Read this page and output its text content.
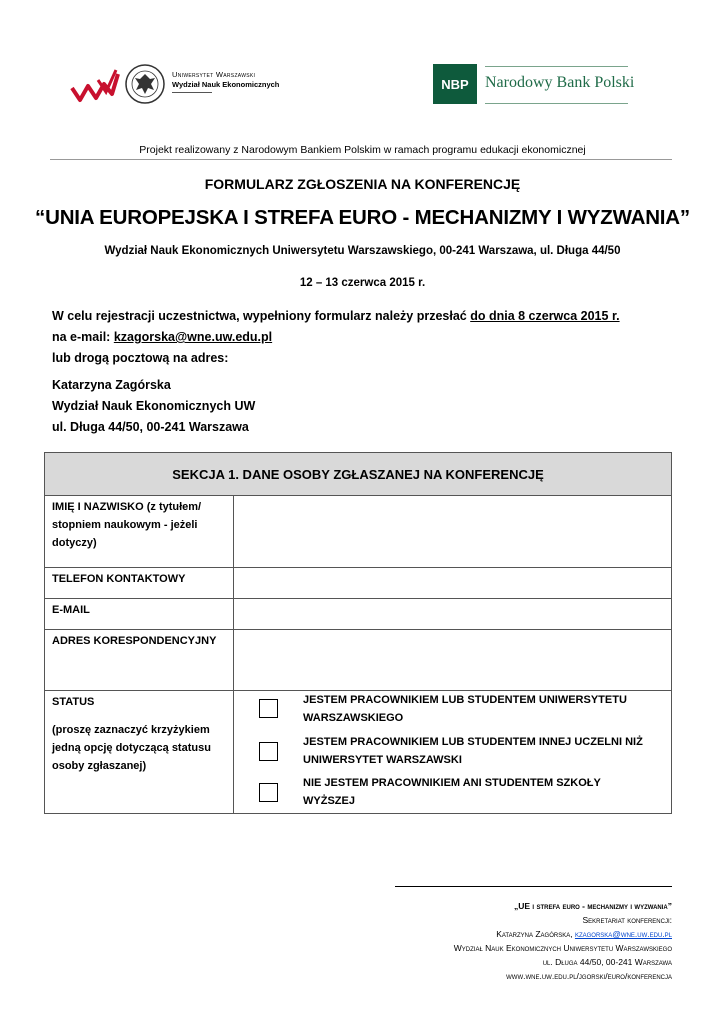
Uniwersytet Warszawski
Wydział Nauk Ekonomicznych	NBP	Narodowy Bank Polski
Projekt realizowany z Narodowym Bankiem Polskim w ramach programu edukacji ekonomicznej
FORMULARZ ZGŁOSZENIA NA KONFERENCJĘ
“UNIA EUROPEJSKA I STREFA EURO - MECHANIZMY I WYZWANIA”
Wydział Nauk Ekonomicznych Uniwersytetu Warszawskiego, 00-241 Warszawa, ul. Długa 44/50
12 – 13 czerwca 2015 r.
W celu rejestracji uczestnictwa, wypełniony formularz należy przesłać do dnia 8 czerwca 2015 r.
na e-mail: kzagorska@wne.uw.edu.pl
lub drogą pocztową na adres:
Katarzyna Zagórska
Wydział Nauk Ekonomicznych UW
ul. Długa 44/50, 00-241 Warszawa
SEKCJA 1. DANE OSOBY ZGŁASZANEJ NA KONFERENCJĘ
IMIĘ I NAZWISKO (z tytułem/ stopniem naukowym - jeżeli dotyczy)
TELEFON KONTAKTOWY
E-MAIL
ADRES KORESPONDENCYJNY
STATUS
(proszę zaznaczyć krzyżykiem jedną opcję dotyczącą statusu osoby zgłaszanej)
JESTEM PRACOWNIKIEM LUB STUDENTEM UNIWERSYTETU WARSZAWSKIEGO
JESTEM PRACOWNIKIEM LUB STUDENTEM INNEJ UCZELNI NIŻ UNIWERSYTET WARSZAWSKI
NIE JESTEM PRACOWNIKIEM ANI STUDENTEM SZKOŁY WYŻSZEJ
„UE i strefa euro - mechanizmy i wyzwania”
Sekretariat konferencji:
Katarzyna Zagórska, kzagorska@wne.uw.edu.pl
Wydział Nauk Ekonomicznych Uniwersytetu Warszawskiego
ul. Długa 44/50, 00-241 Warszawa
www.wne.uw.edu.pl/jgorski/euro/konferencja
